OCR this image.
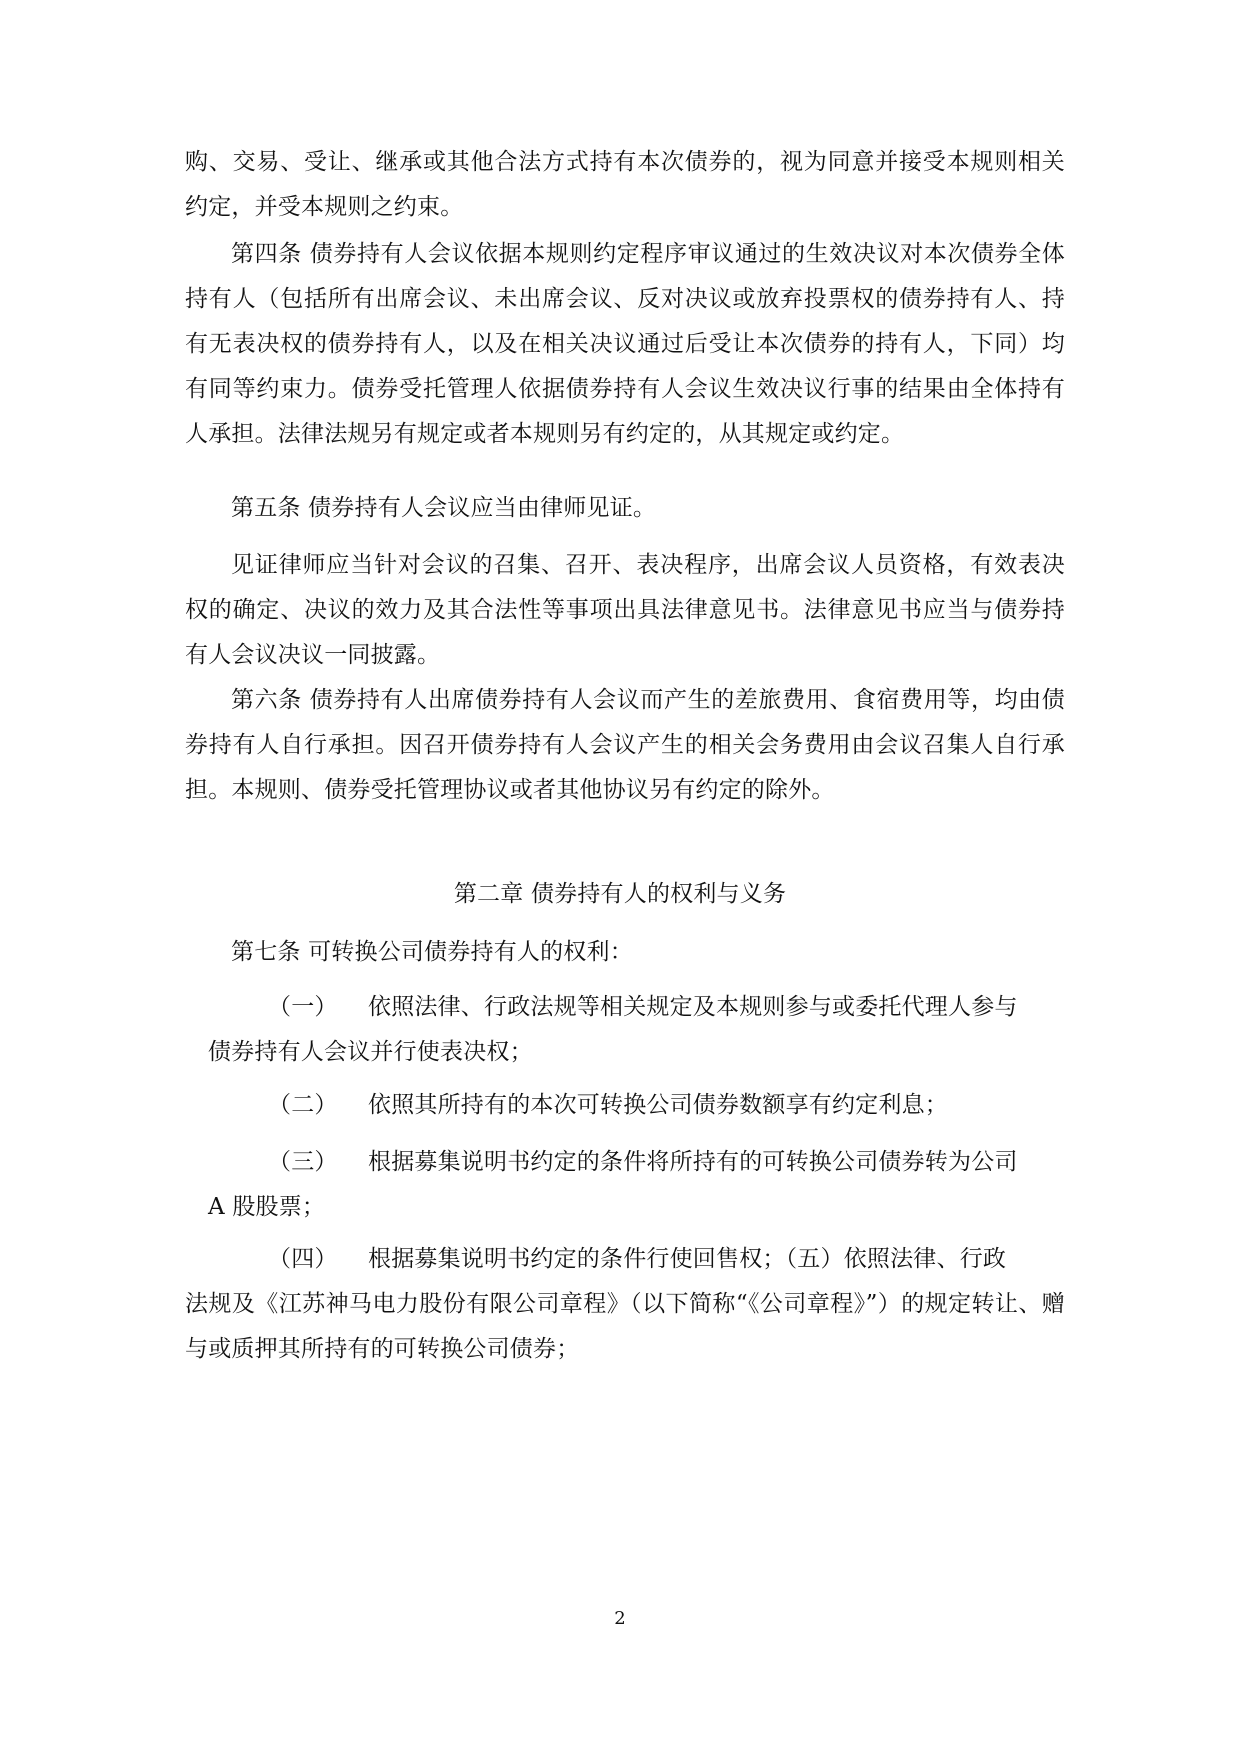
购、交易、受让、继承或其他合法方式持有本次债券的，视为同意并接受本规则相关约定，并受本规则之约束。

第四条 债券持有人会议依据本规则约定程序审议通过的生效决议对本次债券全体持有人（包括所有出席会议、未出席会议、反对决议或放弃投票权的债券持有人、持有无表决权的债券持有人，以及在相关决议通过后受让本次债券的持有人，下同）均有同等约束力。债券受托管理人依据债券持有人会议生效决议行事的结果由全体持有人承担。法律法规另有规定或者本规则另有约定的，从其规定或约定。

第五条 债券持有人会议应当由律师见证。

见证律师应当针对会议的召集、召开、表决程序，出席会议人员资格，有效表决权的确定、决议的效力及其合法性等事项出具法律意见书。法律意见书应当与债券持有人会议决议一同披露。

第六条 债券持有人出席债券持有人会议而产生的差旅费用、食宿费用等，均由债券持有人自行承担。因召开债券持有人会议产生的相关会务费用由会议召集人自行承担。本规则、债券受托管理协议或者其他协议另有约定的除外。

第二章 债券持有人的权利与义务

第七条 可转换公司债券持有人的权利：

（一） 依照法律、行政法规等相关规定及本规则参与或委托代理人参与
债券持有人会议并行使表决权；
（二） 依照其所持有的本次可转换公司债券数额享有约定利息；
（三） 根据募集说明书约定的条件将所持有的可转换公司债券转为公司
A 股股票；
（四） 根据募集说明书约定的条件行使回售权；（五）依照法律、行政
法规及《江苏神马电力股份有限公司章程》（以下简称“《公司章程》”）的规定转让、赠与或质押其所持有的可转换公司债券；

2
